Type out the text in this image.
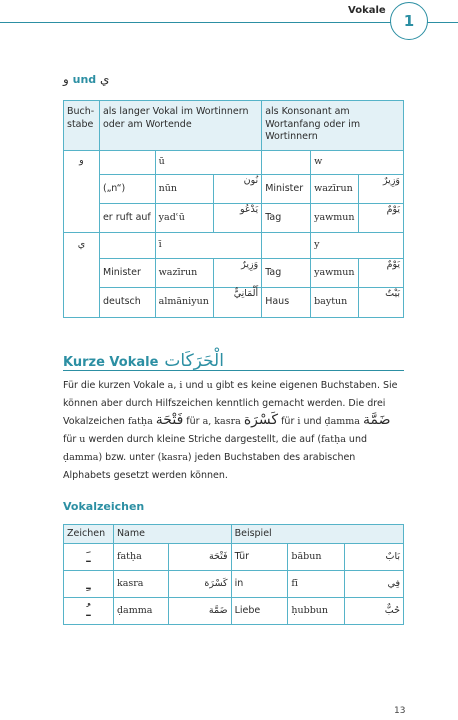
Vokale
1
و und ي
Buchstabe	als langer Vokal im Wortinnern oder am Wortende			als Konsonant am Wortanfang oder im Wortinnern		
و		ū			w	
	(„n“)	nūn	نُون	Minister	wazīrun	وَزِيرٌ
	er ruft auf	yadʿū	يَدْعُو	Tag	yawmun	يَوْمٌ
ي		ī			y	
	Minister	wazīrun	وَزِيرٌ	Tag	yawmun	يَوْمٌ
	deutsch	almāniyun	أَلْمَانِيٌّ	Haus	baytun	بَيْتٌ
Kurze Vokale الْحَرَكَات
Für die kurzen Vokale a, i und u gibt es keine eigenen Buchstaben. Sie können aber durch Hilfszeichen kenntlich gemacht werden. Die drei Vokalzeichen fatḥa فَتْحَة für a, kasra كَسْرَة für i und ḍamma ضَمَّة für u werden durch kleine Striche dargestellt, die auf (fatḥa und ḍamma) bzw. unter (kasra) jeden Buchstaben des arabischen Alphabets gesetzt werden können.
Vokalzeichen
Zeichen	Name		Beispiel		
ـَ	fatḥa	فَتْحَة	Tür	bābun	بَابٌ
ـِ	kasra	كَسْرَة	in	fī	فِي
ـُ	ḍamma	ضَمَّة	Liebe	ḥubbun	حُبٌّ
13
